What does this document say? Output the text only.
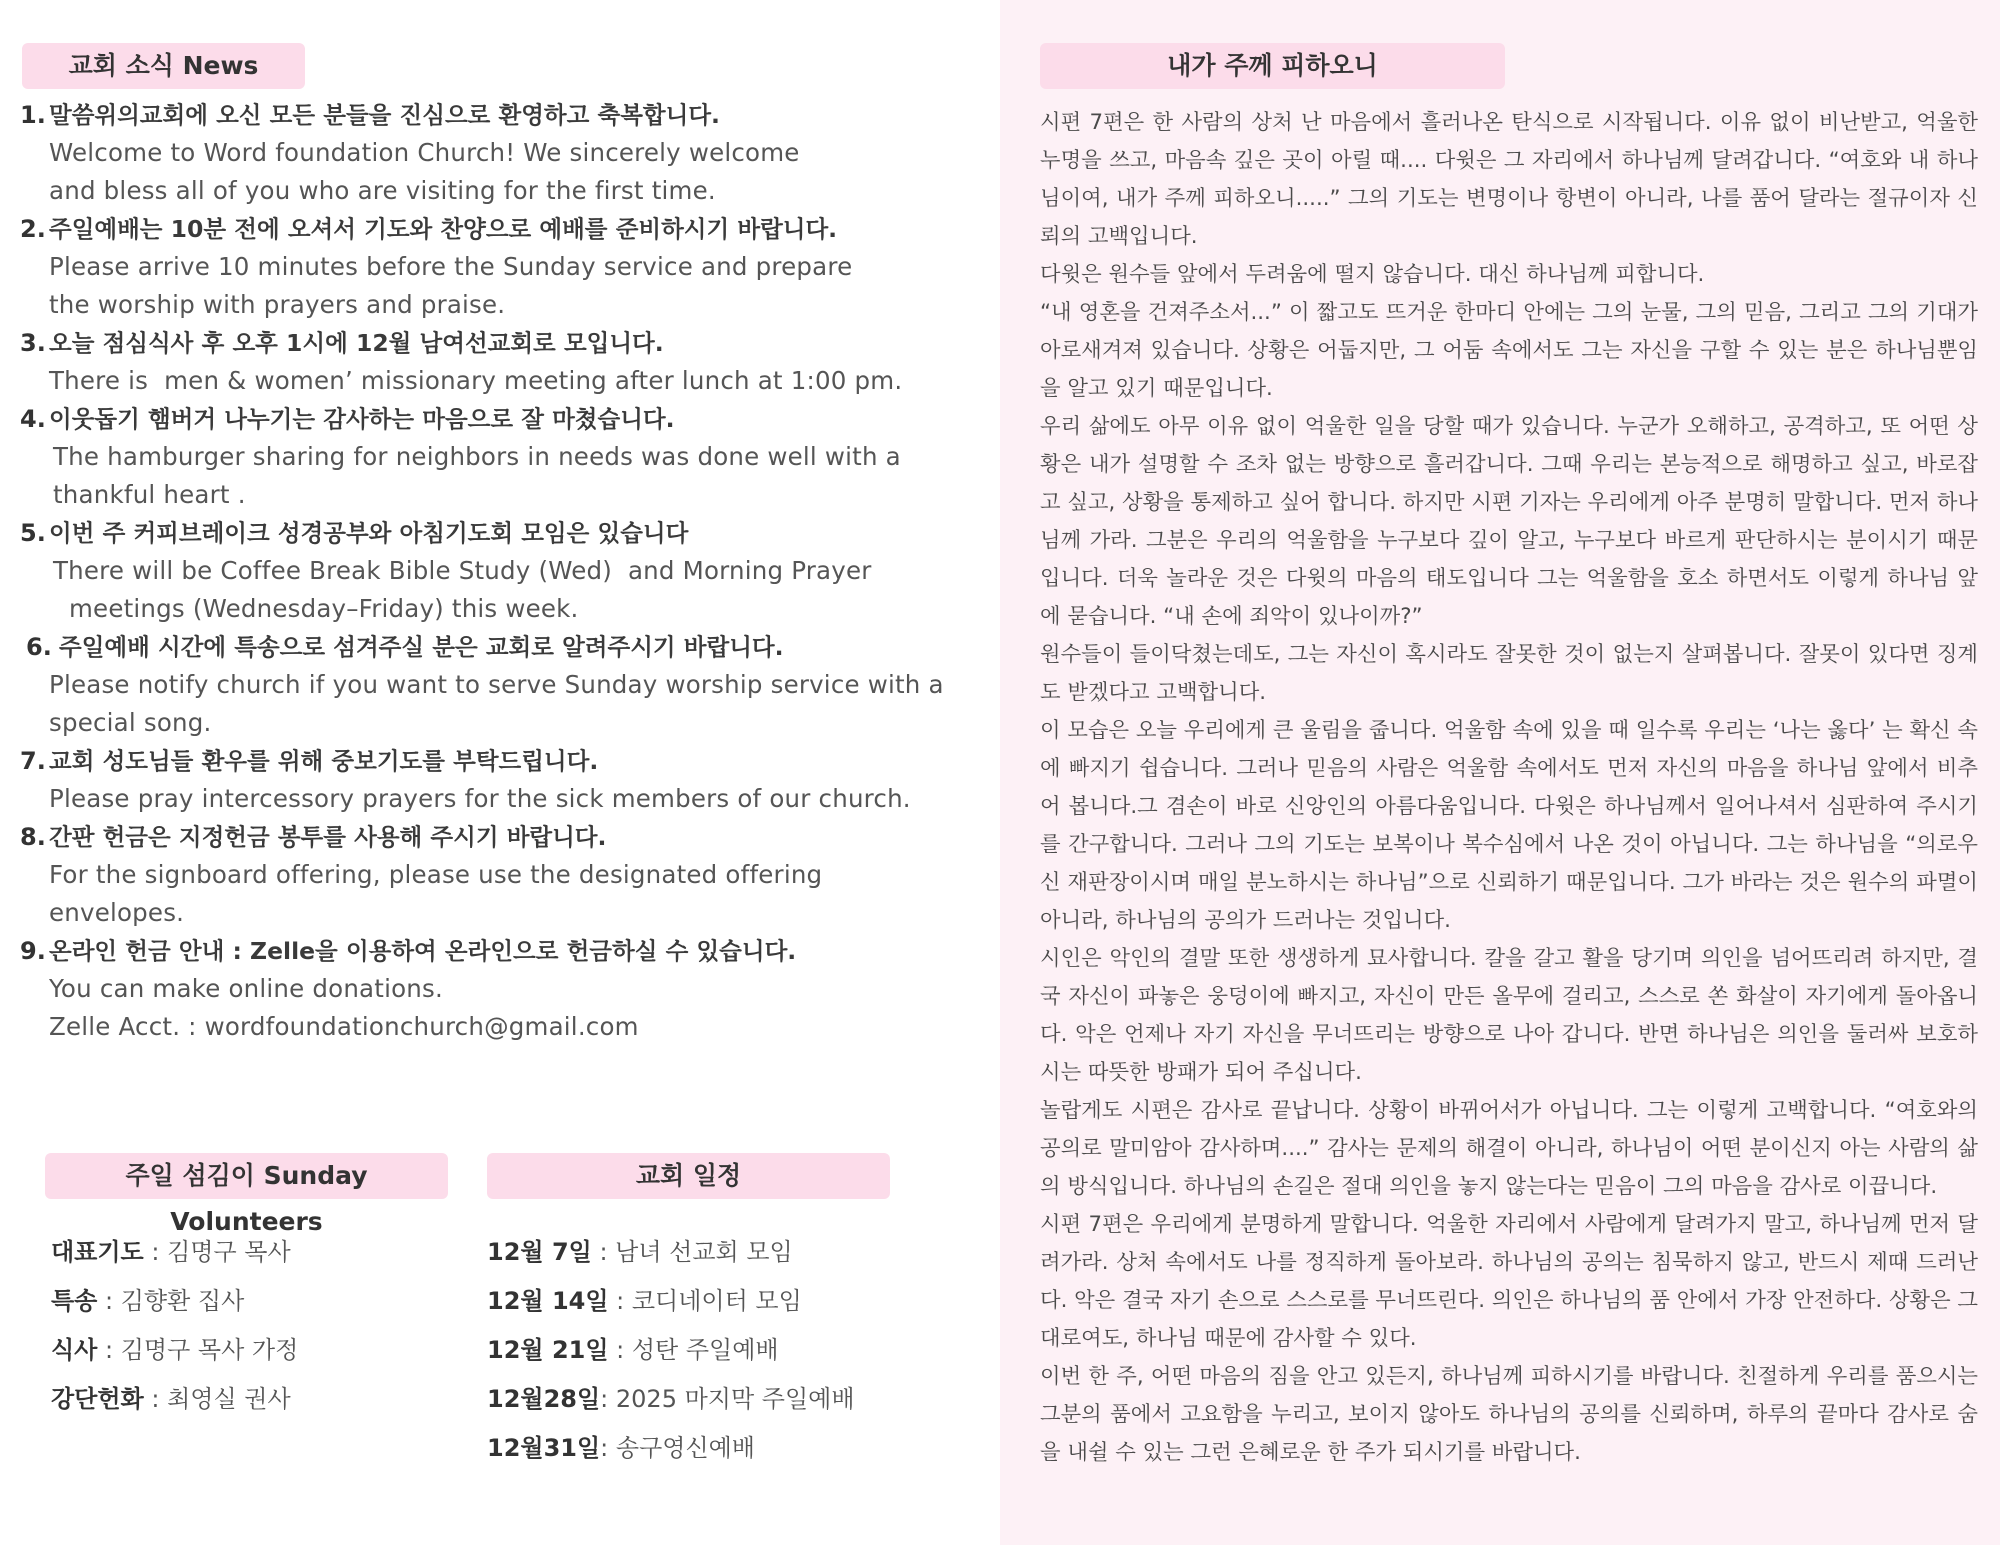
교회 소식 News
1. 말씀위의교회에 오신 모든 분들을 진심으로 환영하고 축복합니다.
Welcome to Word foundation Church! We sincerely welcome
and bless all of you who are visiting for the first time.
2. 주일예배는 10분 전에 오셔서 기도와 찬양으로 예배를 준비하시기 바랍니다.
Please arrive 10 minutes before the Sunday service and prepare
the worship with prayers and praise.
3. 오늘 점심식사 후 오후 1시에 12월 남여선교회로 모입니다.
There is  men & women’ missionary meeting after lunch at 1:00 pm.
4. 이웃돕기 햄버거 나누기는 감사하는 마음으로 잘 마쳤습니다.
The hamburger sharing for neighbors in needs was done well with a
thankful heart .
5. 이번 주 커피브레이크 성경공부와 아침기도회 모임은 있습니다
There will be Coffee Break Bible Study (Wed)  and Morning Prayer
meetings (Wednesday–Friday) this week.
6. 주일예배 시간에 특송으로 섬겨주실 분은 교회로 알려주시기 바랍니다.
Please notify church if you want to serve Sunday worship service with a
special song.
7. 교회 성도님들 환우를 위해 중보기도를 부탁드립니다.
Please pray intercessory prayers for the sick members of our church.
8. 간판 헌금은 지정헌금 봉투를 사용해 주시기 바랍니다.
For the signboard offering, please use the designated offering
envelopes.
9. 온라인 헌금 안내 : Zelle을 이용하여 온라인으로 헌금하실 수 있습니다.
You can make online donations.
Zelle Acct. : wordfoundationchurch@gmail.com
주일 섬김이 Sunday Volunteers
교회 일정
대표기도 : 김명구 목사
특송 : 김향환 집사
식사 : 김명구 목사 가정
강단헌화 : 최영실 권사
12월 7일 : 남녀 선교회 모임
12월 14일 : 코디네이터 모임
12월 21일 : 성탄 주일예배
12월28일: 2025 마지막 주일예배
12월31일: 송구영신예배
내가 주께 피하오니

시편 7편은 한 사람의 상처 난 마음에서 흘러나온 탄식으로 시작됩니다. 이유 없이 비난받고, 억울한 누명을 쓰고, 마음속 깊은 곳이 아릴 때.... 다윗은 그 자리에서 하나님께 달려갑니다. “여호와 내 하나님이여, 내가 주께 피하오니.....” 그의 기도는 변명이나 항변이 아니라, 나를 품어 달라는 절규이자 신뢰의 고백입니다.

다윗은 원수들 앞에서 두려움에 떨지 않습니다. 대신 하나님께 피합니다.

“내 영혼을 건져주소서...” 이 짧고도 뜨거운 한마디 안에는 그의 눈물, 그의 믿음, 그리고 그의 기대가 아로새겨져 있습니다. 상황은 어둡지만, 그 어둠 속에서도 그는 자신을 구할 수 있는 분은 하나님뿐임을 알고 있기 때문입니다.

우리 삶에도 아무 이유 없이 억울한 일을 당할 때가 있습니다. 누군가 오해하고, 공격하고, 또 어떤 상황은 내가 설명할 수 조차 없는 방향으로 흘러갑니다. 그때 우리는 본능적으로 해명하고 싶고, 바로잡고 싶고, 상황을 통제하고 싶어 합니다. 하지만 시편 기자는 우리에게 아주 분명히 말합니다. 먼저 하나님께 가라. 그분은 우리의 억울함을 누구보다 깊이 알고, 누구보다 바르게 판단하시는 분이시기 때문입니다. 더욱 놀라운 것은 다윗의 마음의 태도입니다 그는 억울함을 호소 하면서도 이렇게 하나님 앞에 묻습니다. “내 손에 죄악이 있나이까?”

원수들이 들이닥쳤는데도, 그는 자신이 혹시라도 잘못한 것이 없는지 살펴봅니다. 잘못이 있다면 징계도 받겠다고 고백합니다.

이 모습은 오늘 우리에게 큰 울림을 줍니다. 억울함 속에 있을 때 일수록 우리는 ‘나는 옳다’ 는 확신 속에 빠지기 쉽습니다. 그러나 믿음의 사람은 억울함 속에서도 먼저 자신의 마음을 하나님 앞에서 비추어 봅니다.그 겸손이 바로 신앙인의 아름다움입니다. 다윗은 하나님께서 일어나셔서 심판하여 주시기를 간구합니다. 그러나 그의 기도는 보복이나 복수심에서 나온 것이 아닙니다. 그는 하나님을 “의로우신 재판장이시며 매일 분노하시는 하나님”으로 신뢰하기 때문입니다. 그가 바라는 것은 원수의 파멸이 아니라, 하나님의 공의가 드러나는 것입니다.

시인은 악인의 결말 또한 생생하게 묘사합니다. 칼을 갈고 활을 당기며 의인을 넘어뜨리려 하지만, 결국 자신이 파놓은 웅덩이에 빠지고, 자신이 만든 올무에 걸리고, 스스로 쏜 화살이 자기에게 돌아옵니다. 악은 언제나 자기 자신을 무너뜨리는 방향으로 나아 갑니다. 반면 하나님은 의인을 둘러싸 보호하시는 따뜻한 방패가 되어 주십니다.

놀랍게도 시편은 감사로 끝납니다. 상황이 바뀌어서가 아닙니다. 그는 이렇게 고백합니다. “여호와의 공의로 말미암아 감사하며....” 감사는 문제의 해결이 아니라, 하나님이 어떤 분이신지 아는 사람의 삶의 방식입니다. 하나님의 손길은 절대 의인을 놓지 않는다는 믿음이 그의 마음을 감사로 이끕니다.

시편 7편은 우리에게 분명하게 말합니다. 억울한 자리에서 사람에게 달려가지 말고, 하나님께 먼저 달려가라. 상처 속에서도 나를 정직하게 돌아보라. 하나님의 공의는 침묵하지 않고, 반드시 제때 드러난다. 악은 결국 자기 손으로 스스로를 무너뜨린다. 의인은 하나님의 품 안에서 가장 안전하다. 상황은 그대로여도, 하나님 때문에 감사할 수 있다.

이번 한 주, 어떤 마음의 짐을 안고 있든지, 하나님께 피하시기를 바랍니다. 친절하게 우리를 품으시는 그분의 품에서 고요함을 누리고, 보이지 않아도 하나님의 공의를 신뢰하며, 하루의 끝마다 감사로 숨을 내쉴 수 있는 그런 은혜로운 한 주가 되시기를 바랍니다.
